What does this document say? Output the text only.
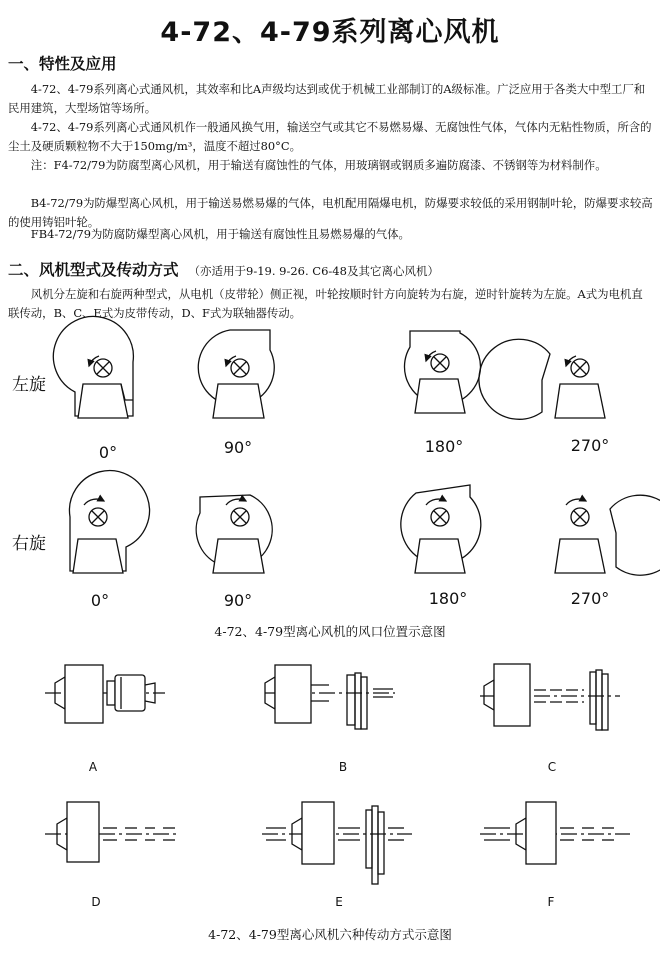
4-72、4-79系列离心风机
一、特性及应用
4-72、4-79系列离心式通风机，其效率和比A声级均达到或优于机械工业部制订的A级标准。广泛应用于各类大中型工厂和民用建筑，大型场馆等场所。
4-72、4-79系列离心式通风机作一般通风换气用，输送空气或其它不易燃易爆、无腐蚀性气体，气体内无粘性物质，所含的尘土及硬质颗粒物不大于150mg/m³，温度不超过80°C。
注：F4-72/79为防腐型离心风机，用于输送有腐蚀性的气体，用玻璃钢或钢质多遍防腐漆、不锈钢等为材料制作。
B4-72/79为防爆型离心风机，用于输送易燃易爆的气体，电机配用隔爆电机，防爆要求较低的采用钢制叶轮，防爆要求较高的使用铸铝叶轮。
FB4-72/79为防腐防爆型离心风机，用于输送有腐蚀性且易燃易爆的气体。
二、风机型式及传动方式 （亦适用于9-19. 9-26. C6-48及其它离心风机）
风机分左旋和右旋两种型式，从电机（皮带轮）侧正视，叶轮按顺时针方向旋转为右旋，逆时针旋转为左旋。A式为电机直联传动，B、C、E式为皮带传动，D、F式为联轴器传动。
左旋
右旋
0°	90°	180°	270°
0°	90°	180°	270°
A	B	C
D	E	F
4-72、4-79型离心风机的风口位置示意图
4-72、4-79型离心风机六种传动方式示意图
